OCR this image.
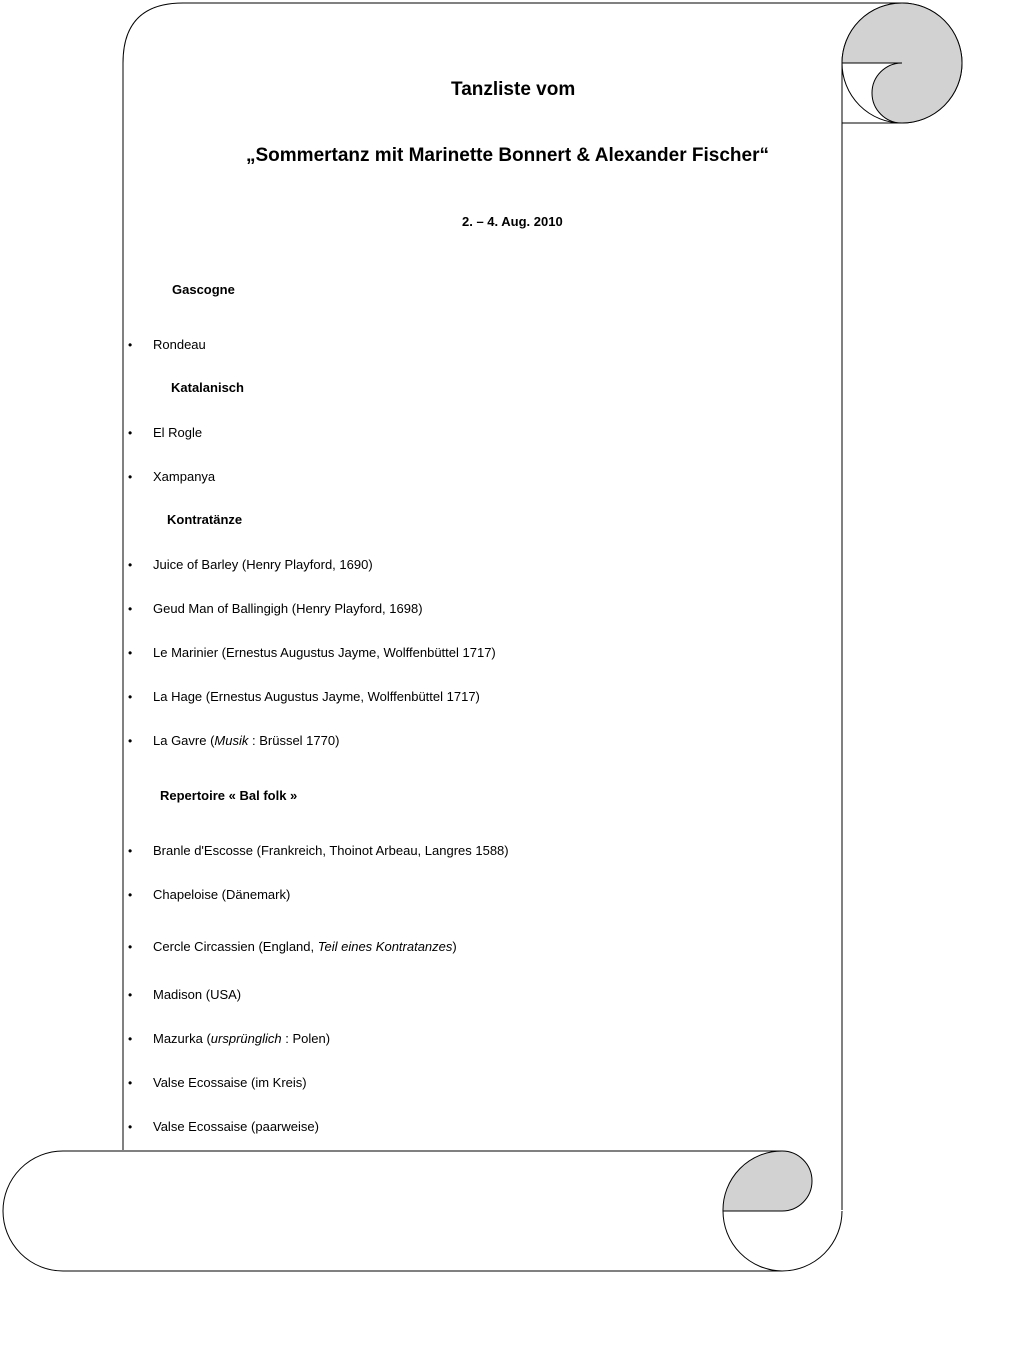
Tanzliste vom
„Sommertanz mit Marinette Bonnert & Alexander Fischer“
2. – 4. Aug. 2010
Gascogne
•	Rondeau
Katalanisch
•	El Rogle
•	Xampanya
Kontratänze
•	Juice of Barley (Henry Playford, 1690)
•	Geud Man of Ballingigh (Henry Playford, 1698)
•	Le Marinier (Ernestus Augustus Jayme, Wolffenbüttel 1717)
•	La Hage (Ernestus Augustus Jayme, Wolffenbüttel 1717)
•	La Gavre (Musik : Brüssel 1770)
Repertoire « Bal folk »
•	Branle d'Escosse (Frankreich, Thoinot Arbeau, Langres 1588)
•	Chapeloise (Dänemark)
•	Cercle Circassien (England, Teil eines Kontratanzes)
•	Madison (USA)
•	Mazurka (ursprünglich : Polen)
•	Valse Ecossaise (im Kreis)
•	Valse Ecossaise (paarweise)
